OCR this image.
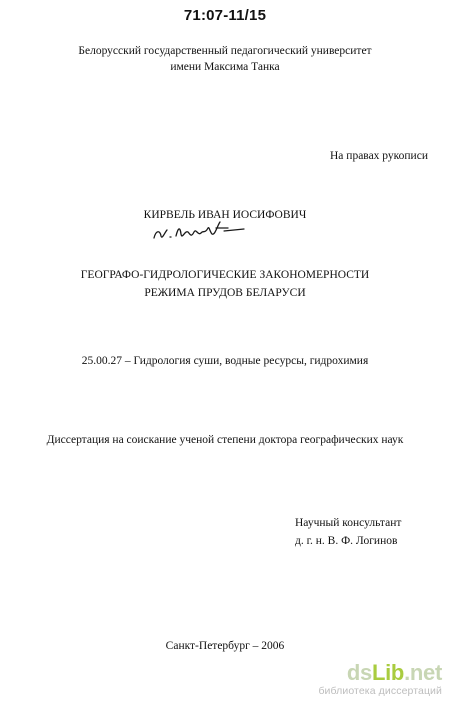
71:07-11/15
Белорусский государственный педагогический университет
имени Максима Танка
На правах рукописи
КИРВЕЛЬ ИВАН ИОСИФОВИЧ
ГЕОГРАФО-ГИДРОЛОГИЧЕСКИЕ ЗАКОНОМЕРНОСТИ
РЕЖИМА ПРУДОВ БЕЛАРУСИ
25.00.27 – Гидрология суши, водные ресурсы, гидрохимия
Диссертация на соискание ученой степени доктора географических наук
Научный консультант
д. г. н. В. Ф. Логинов
Санкт-Петербург – 2006
dsLib.net
библиотека диссертаций
